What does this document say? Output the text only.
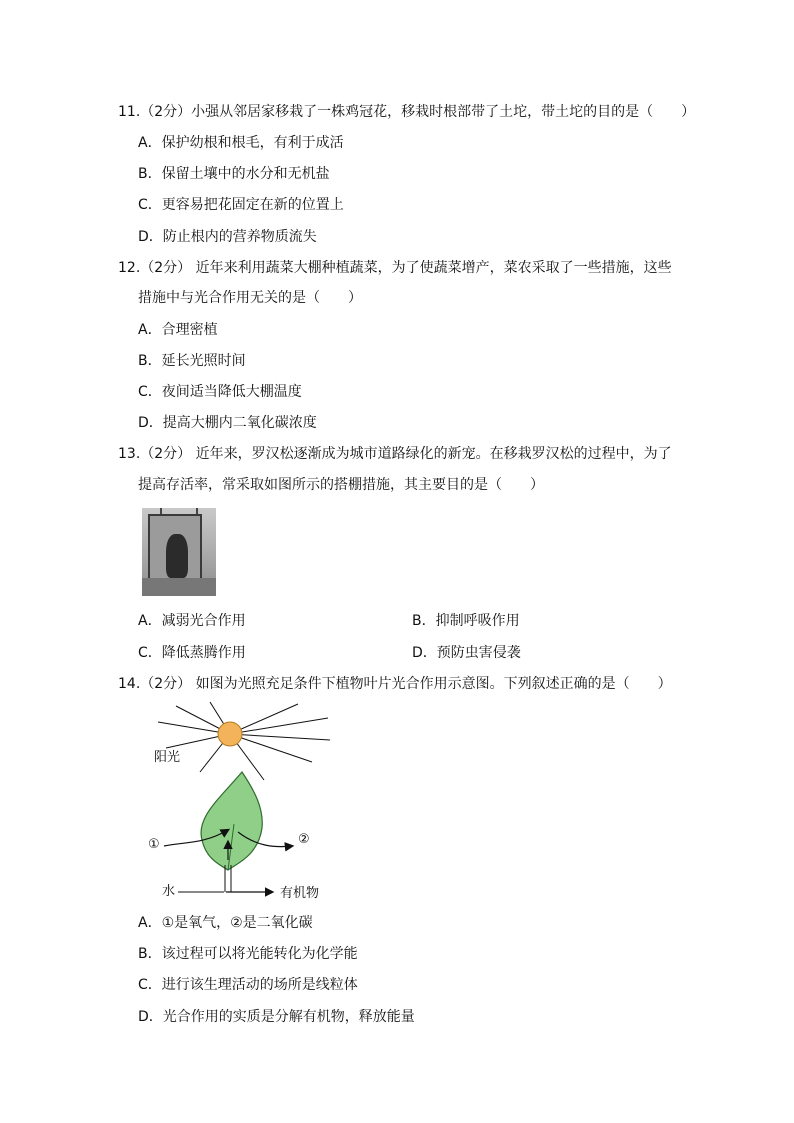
11.（2分）小强从邻居家移栽了一株鸡冠花，移栽时根部带了土坨，带土坨的目的是（　　）
A．保护幼根和根毛，有利于成活
B．保留土壤中的水分和无机盐
C．更容易把花固定在新的位置上
D．防止根内的营养物质流失
12.（2分） 近年来利用蔬菜大棚种植蔬菜，为了使蔬菜增产，菜农采取了一些措施，这些
措施中与光合作用无关的是（　　）
A．合理密植
B．延长光照时间
C．夜间适当降低大棚温度
D．提高大棚内二氧化碳浓度
13.（2分） 近年来，罗汉松逐渐成为城市道路绿化的新宠。在移栽罗汉松的过程中，为了
提高存活率，常采取如图所示的搭棚措施，其主要目的是（　　）
A．减弱光合作用	B．抑制呼吸作用
C．降低蒸腾作用	D．预防虫害侵袭
14.（2分） 如图为光照充足条件下植物叶片光合作用示意图。下列叙述正确的是（　　）
阳光
①	②
水	有机物
A．①是氧气，②是二氧化碳
B．该过程可以将光能转化为化学能
C．进行该生理活动的场所是线粒体
D．光合作用的实质是分解有机物，释放能量
